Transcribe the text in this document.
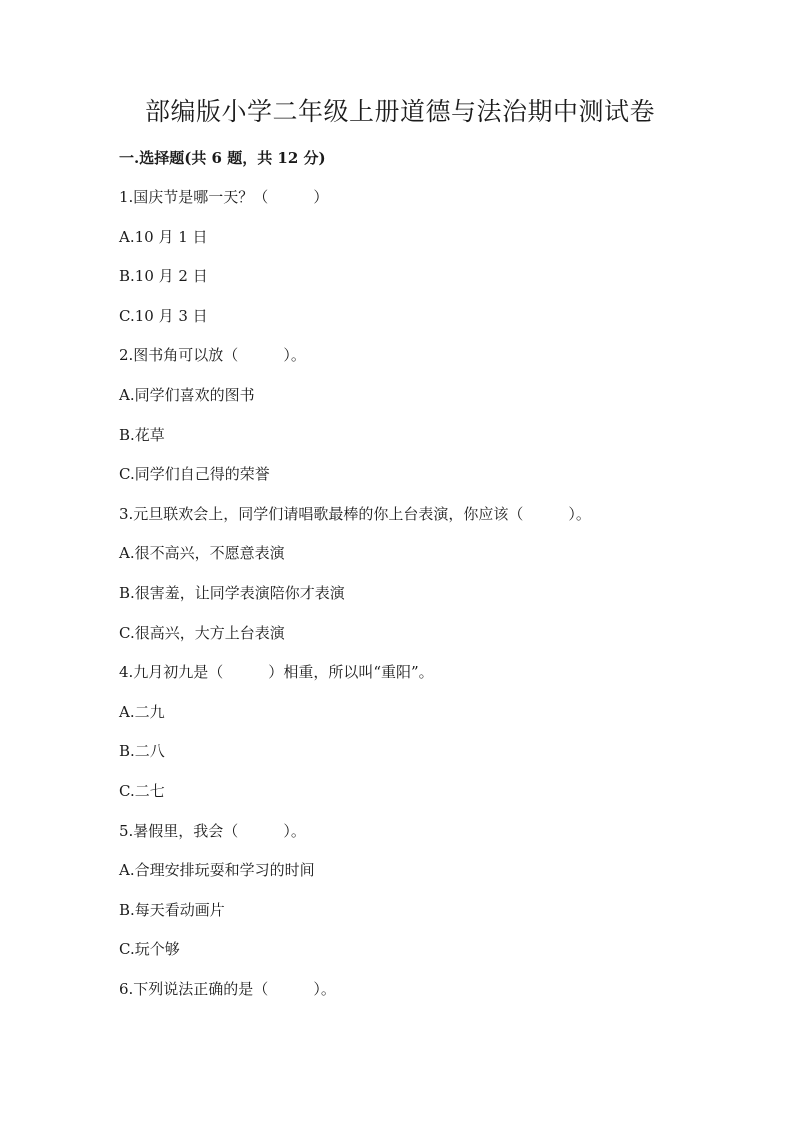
部编版小学二年级上册道德与法治期中测试卷
一.选择题(共 6 题，共 12 分)
1.国庆节是哪一天？（　　　）
A.10 月 1 日
B.10 月 2 日
C.10 月 3 日
2.图书角可以放（　　　）。
A.同学们喜欢的图书
B.花草
C.同学们自己得的荣誉
3.元旦联欢会上，同学们请唱歌最棒的你上台表演，你应该（　　　）。
A.很不高兴，不愿意表演
B.很害羞，让同学表演陪你才表演
C.很高兴，大方上台表演
4.九月初九是（　　　）相重，所以叫“重阳”。
A.二九
B.二八
C.二七
5.暑假里，我会（　　　）。
A.合理安排玩耍和学习的时间
B.每天看动画片
C.玩个够
6.下列说法正确的是（　　　）。
